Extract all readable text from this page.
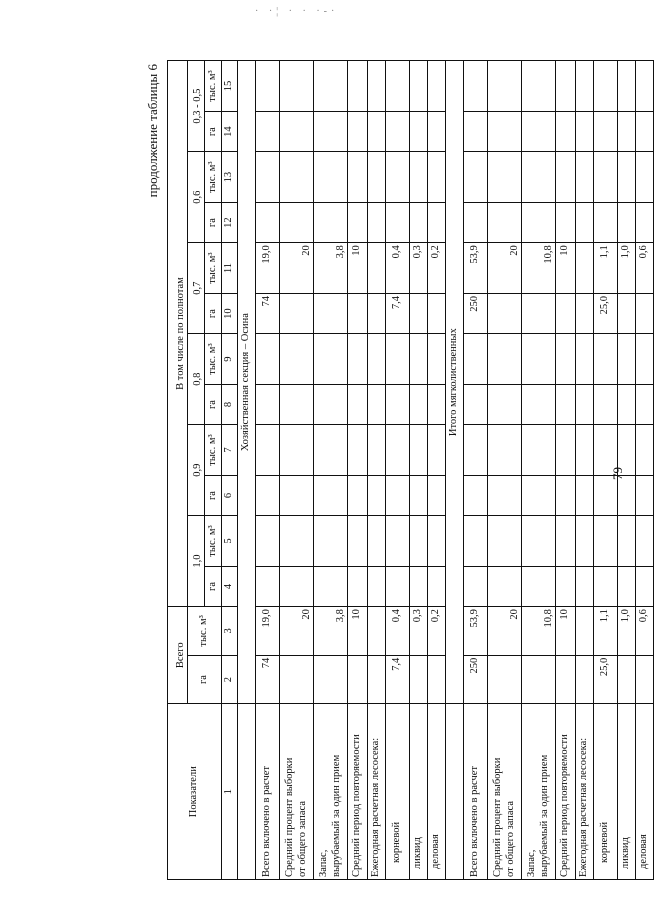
· ·¦ · · ·-·
продолжение таблицы 6
Показатели	Всего		В том числе по полнотам											
	га	тыс. м³	1,0		0,9		0,8		0,7		0,6		0,3 - 0,5	
			га	тыс. м³	га	тыс. м³	га	тыс. м³	га	тыс. м³	га	тыс. м³	га	тыс. м³
1	2	3	4	5	6	7	8	9	10	11	12	13	14	15
	Хозяйственная секция – Осина													
Всего включено в расчет	74	19,0							74	19,0				
Средний процент выборки
от общего запаса		20								20				
Запас,
вырубаемый за один прием		3,8								3,8				
Средний период повторяемости		10								10				
Ежегодная расчетная лесосека:														
корневой	7,4	0,4							7,4	0,4				
ликвид		0,3								0,3				
деловая		0,2								0,2				
	Итого мягколиственных													
Всего включено в расчет	250	53,9							250	53,9				
Средний процент выборки
от общего запаса		20								20				
Запас,
вырубаемый за один прием		10,8								10,8				
Средний период повторяемости		10								10				
Ежегодная расчетная лесосека:														
корневой	25,0	1,1							25,0	1,1				
ликвид		1,0								1,0				
деловая		0,6								0,6				
79
